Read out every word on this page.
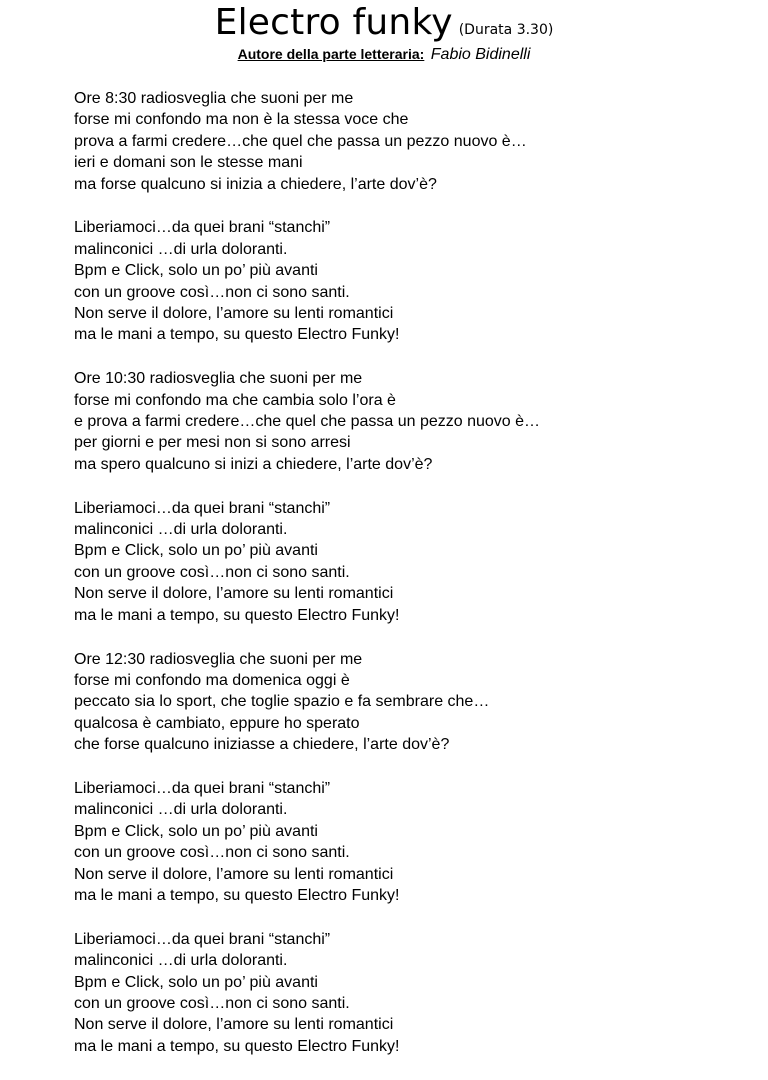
Electro funky (Durata 3.30)
Autore della parte letteraria: Fabio Bidinelli
Ore 8:30 radiosveglia che suoni per me
forse mi confondo ma non è la stessa voce che
prova a farmi credere…che quel che passa un pezzo nuovo è…
ieri e domani son le stesse mani
ma forse qualcuno si inizia a chiedere, l’arte dov’è?
Liberiamoci…da quei brani “stanchi”
malinconici …di urla doloranti.
Bpm e Click, solo un po’ più avanti
con un groove così…non ci sono santi.
Non serve il dolore, l’amore su lenti romantici
ma le mani a tempo, su questo Electro Funky!
Ore 10:30 radiosveglia che suoni per me
forse mi confondo ma che cambia solo l’ora è
e prova a farmi credere…che quel che passa un pezzo nuovo è…
per giorni e per mesi non si sono arresi
ma spero qualcuno si inizi a chiedere, l’arte dov’è?
Liberiamoci…da quei brani “stanchi”
malinconici …di urla doloranti.
Bpm e Click, solo un po’ più avanti
con un groove così…non ci sono santi.
Non serve il dolore, l’amore su lenti romantici
ma le mani a tempo, su questo Electro Funky!
Ore 12:30 radiosveglia che suoni per me
forse mi confondo ma domenica oggi è
peccato sia lo sport, che toglie spazio e fa sembrare che…
qualcosa è cambiato, eppure ho sperato
che forse qualcuno iniziasse a chiedere, l’arte dov’è?
Liberiamoci…da quei brani “stanchi”
malinconici …di urla doloranti.
Bpm e Click, solo un po’ più avanti
con un groove così…non ci sono santi.
Non serve il dolore, l’amore su lenti romantici
ma le mani a tempo, su questo Electro Funky!
Liberiamoci…da quei brani “stanchi”
malinconici …di urla doloranti.
Bpm e Click, solo un po’ più avanti
con un groove così…non ci sono santi.
Non serve il dolore, l’amore su lenti romantici
ma le mani a tempo, su questo Electro Funky!
